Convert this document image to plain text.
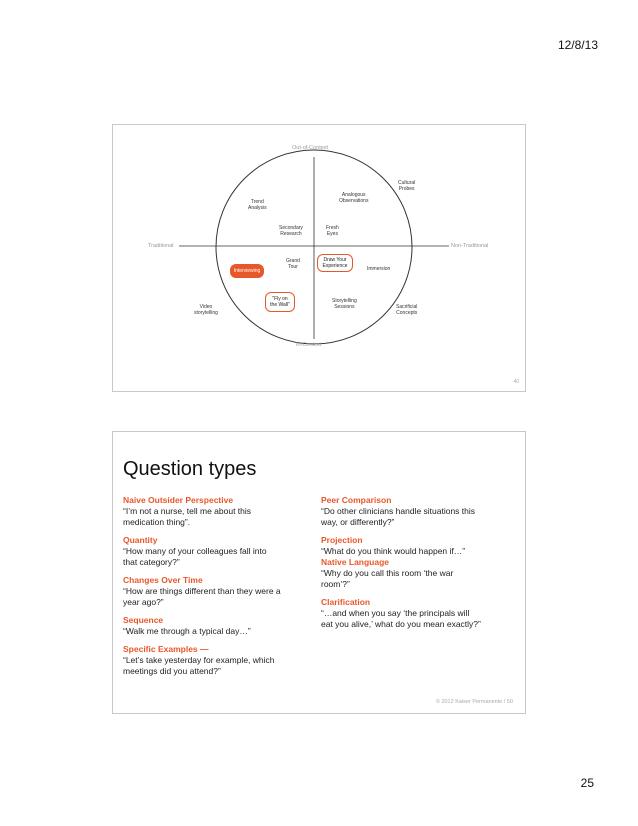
12/8/13
Out-of-Context
In-Context
Traditional	Non-Traditional
Cultural
Probes
Analogous
Observations
Trend
Analysis
Secondary
Research
Fresh
Eyes
Grand
Tour	Immersion
Video
storytelling
Storytelling
Sessions	Sacrificial
Concepts
Interviewing
Draw Your
Experience
"Fly on
the Wall"
40
Question types
Naive Outsider Perspective
“I’m not a nurse, tell me about this medication thing”.
Quantity
“How many of your colleagues fall into that category?”
Changes Over Time
“How are things different than they were a year ago?”
Sequence
“Walk me through a typical day…”
Specific Examples —
“Let’s take yesterday for example, which meetings did you attend?”
Peer Comparison
“Do other clinicians handle situations this way, or differently?”
Projection
“What do you think would happen if…”
Native Language
“Why do you call this room ‘the war room’?”
Clarification
“…and when you say ‘the principals will eat you alive,’ what do you mean exactly?”
© 2012 Kaiser Permanente / 50
25
